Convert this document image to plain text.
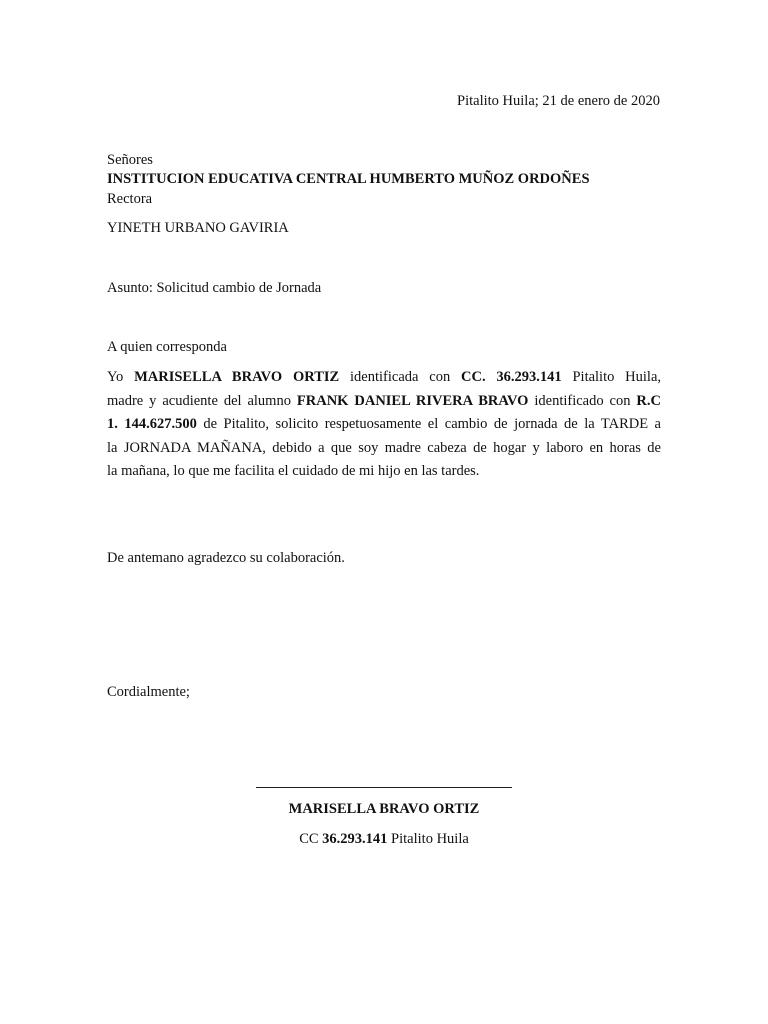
Pitalito Huila; 21 de enero de 2020
Señores
INSTITUCION EDUCATIVA CENTRAL HUMBERTO MUÑOZ ORDOÑES
Rectora
YINETH URBANO GAVIRIA
Asunto: Solicitud cambio de Jornada
A quien corresponda
Yo MARISELLA BRAVO ORTIZ identificada con CC. 36.293.141 Pitalito Huila,
madre y acudiente del alumno FRANK DANIEL RIVERA BRAVO identificado con R.C
1. 144.627.500 de Pitalito, solicito respetuosamente el cambio de jornada de la TARDE a
la JORNADA MAÑANA, debido a que soy madre cabeza de hogar y laboro en horas de
la mañana, lo que me facilita el cuidado de mi hijo en las tardes.
De antemano agradezco su colaboración.
Cordialmente;
MARISELLA BRAVO ORTIZ
CC 36.293.141 Pitalito Huila
